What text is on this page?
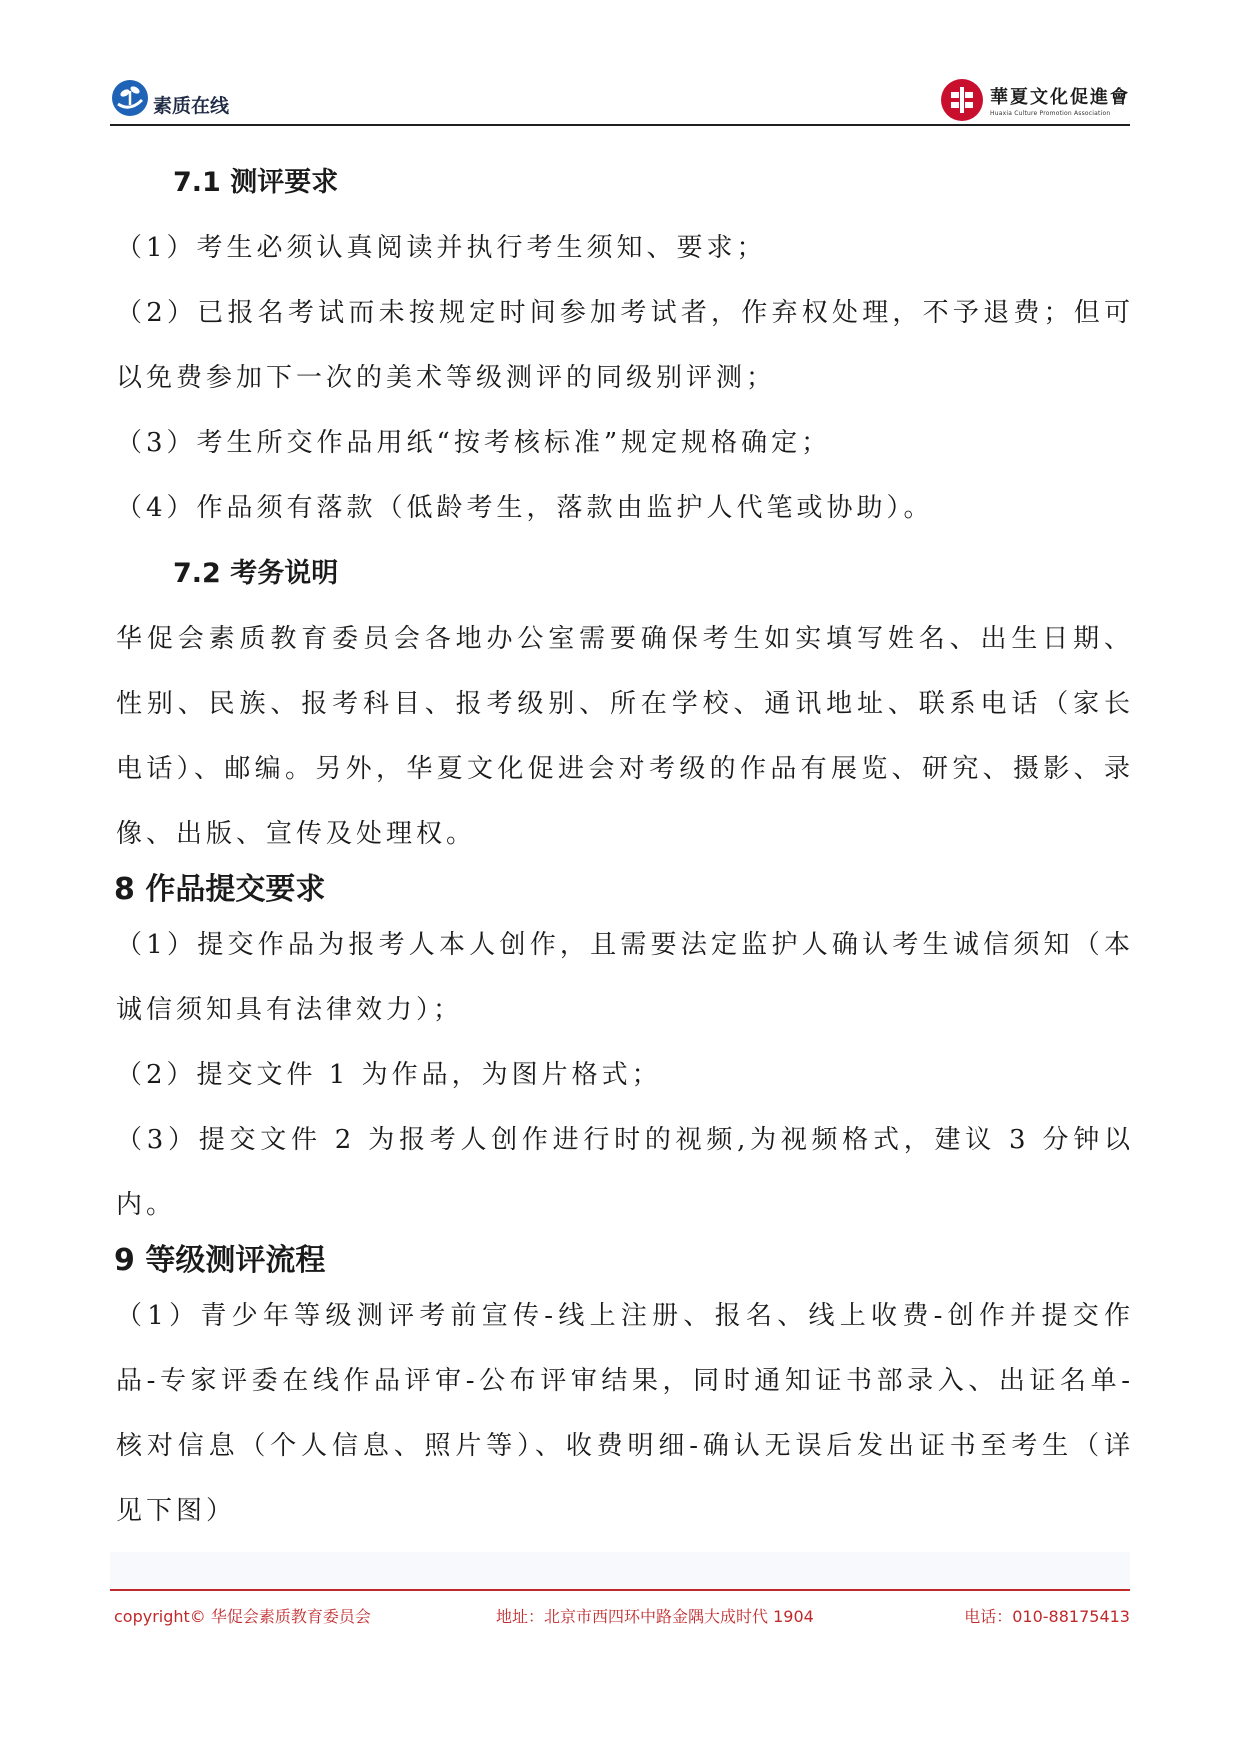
素质在线	華夏文化促進會
Huaxia Culture Promotion Association
7.1 测评要求

（1）考生必须认真阅读并执行考生须知、要求；

（2）已报名考试而未按规定时间参加考试者，作弃权处理，不予退费；但可以免费参加下一次的美术等级测评的同级别评测；

（3）考生所交作品用纸“按考核标准”规定规格确定；

（4）作品须有落款（低龄考生，落款由监护人代笔或协助）。

7.2 考务说明

华促会素质教育委员会各地办公室需要确保考生如实填写姓名、出生日期、性别、民族、报考科目、报考级别、所在学校、通讯地址、联系电话（家长电话）、邮编。另外，华夏文化促进会对考级的作品有展览、研究、摄影、录像、出版、宣传及处理权。

8 作品提交要求

（1）提交作品为报考人本人创作，且需要法定监护人确认考生诚信须知（本诚信须知具有法律效力）；

（2）提交文件 1 为作品，为图片格式；

（3）提交文件 2 为报考人创作进行时的视频,为视频格式，建议 3 分钟以内。

9 等级测评流程

（1）青少年等级测评考前宣传-线上注册、报名、线上收费-创作并提交作品-专家评委在线作品评审-公布评审结果，同时通知证书部录入、出证名单-核对信息（个人信息、照片等）、收费明细-确认无误后发出证书至考生（详见下图）

copyright© 华促会素质教育委员会	地址：北京市西四环中路金隅大成时代 1904	电话：010-88175413
